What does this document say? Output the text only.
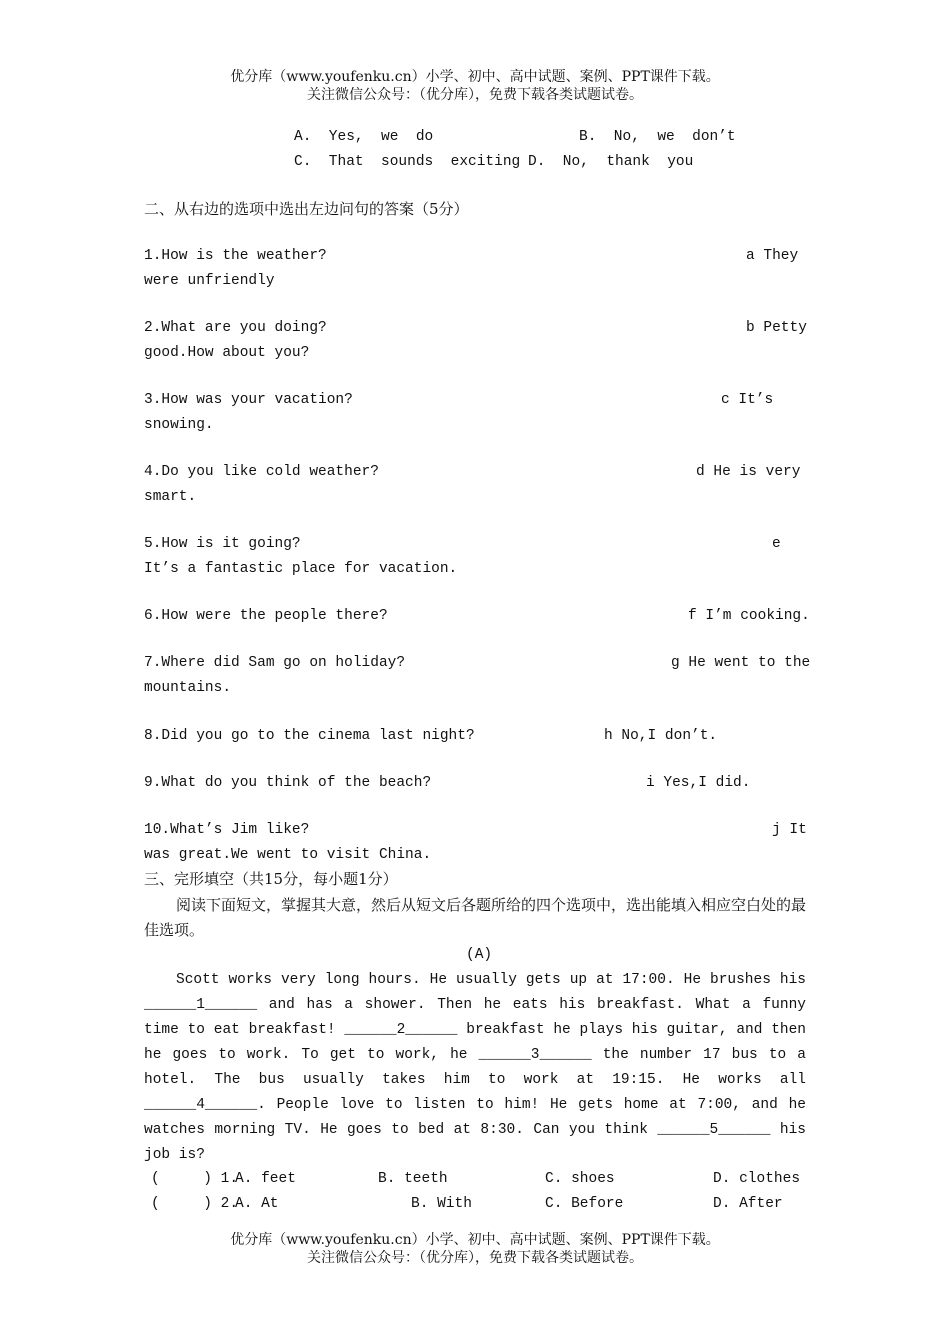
优分库（www.youfenku.cn）小学、初中、高中试题、案例、PPT课件下载。
关注微信公众号：（优分库），免费下载各类试题试卷。
A.  Yes,  we  do	B.  No,  we  don’t
C.  That  sounds  exciting D.  No,  thank  you
二、从右边的选项中选出左边问句的答案（5分）
1.How is the weather?	a They
were unfriendly
2.What are you doing?	b Petty
good.How about you?
3.How was your vacation?	c It’s
snowing.
4.Do you like cold weather?	d He is very
smart.
5.How is it going?	e
It’s a fantastic place for vacation.
6.How were the people there?	f I’m cooking.
7.Where did Sam go on holiday?	g He went to the
mountains.
8.Did you go to the cinema last night?	h No,I don’t.
9.What do you think of the beach?	i Yes,I did.
10.What’s Jim like?	j It
was great.We went to visit China.
三、完形填空（共15分，每小题1分）
阅读下面短文，掌握其大意，然后从短文后各题所给的四个选项中，选出能填入相应空白处的最佳选项。
(A)
Scott works very long hours. He usually gets up at 17:00. He brushes his ______1______ and has a shower. Then he eats his breakfast. What a funny time to eat breakfast! ______2______ breakfast he plays his guitar, and then he goes to work. To get to work, he ______3______ the number 17 bus to a hotel. The bus usually takes him to work at 19:15. He works all ______4______. People love to listen to him! He gets home at 7:00, and he watches morning TV. He goes to bed at 8:30. Can you think ______5______ his job is?
(     ) 1.
A. feet	B. teeth	C. shoes	D. clothes
(     ) 2.
A. At	B. With	C. Before	D. After
优分库（www.youfenku.cn）小学、初中、高中试题、案例、PPT课件下载。
关注微信公众号：（优分库），免费下载各类试题试卷。
